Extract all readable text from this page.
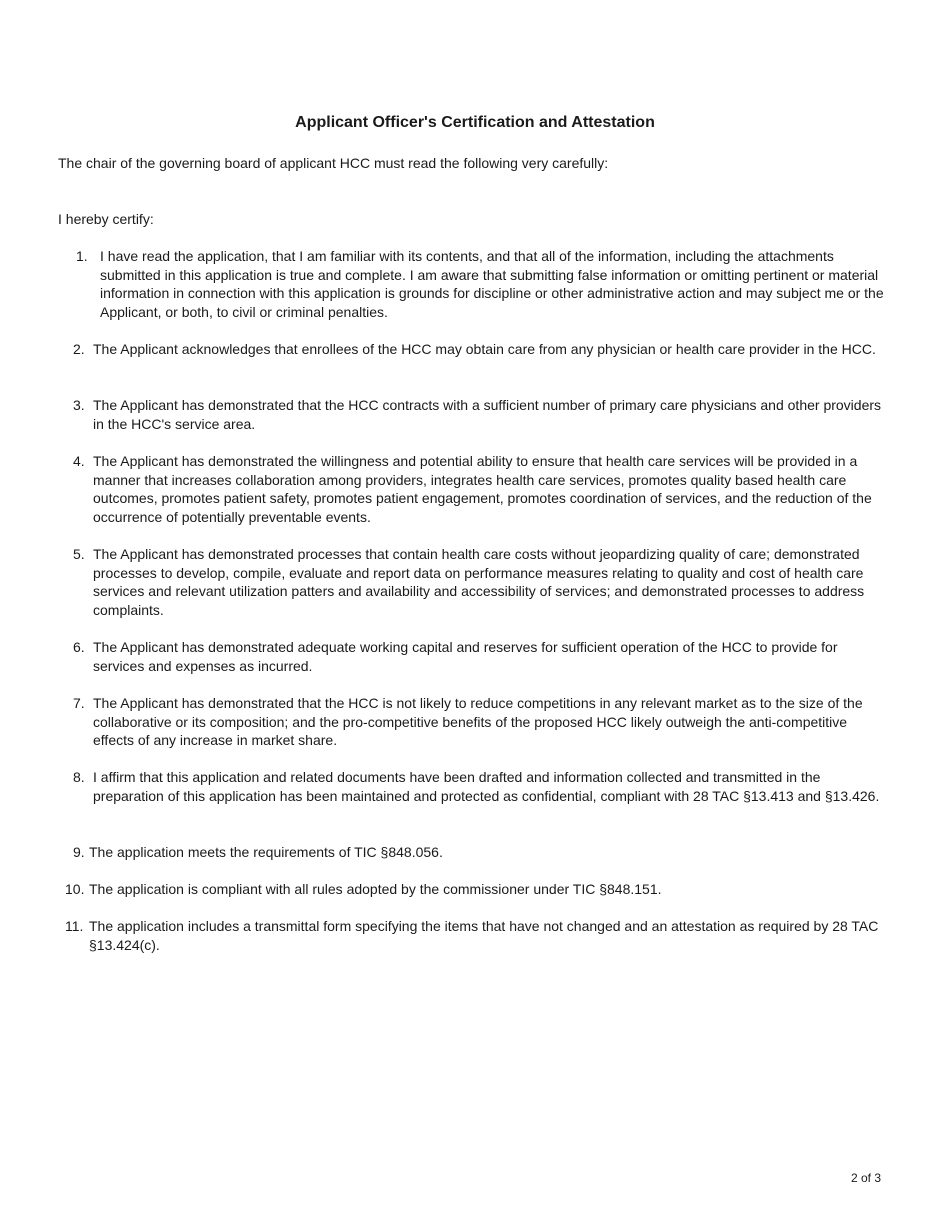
Applicant Officer's Certification and Attestation
The chair of the governing board of applicant HCC must read the following very carefully:
I hereby certify:
1. I have read the application, that I am familiar with its contents, and that all of the information, including the attachments submitted in this application is true and complete. I am aware that submitting false information or omitting pertinent or material information in connection with this application is grounds for discipline or other administrative action and may subject me or the Applicant, or both, to civil or criminal penalties.
2. The Applicant acknowledges that enrollees of the HCC may obtain care from any physician or health care provider in the HCC.
3. The Applicant has demonstrated that the HCC contracts with a sufficient number of primary care physicians and other providers in the HCC's service area.
4. The Applicant has demonstrated the willingness and potential ability to ensure that health care services will be provided in a manner that increases collaboration among providers, integrates health care services, promotes quality based health care outcomes, promotes patient safety, promotes patient engagement, promotes coordination of services, and the reduction of the occurrence of potentially preventable events.
5. The Applicant has demonstrated processes that contain health care costs without jeopardizing quality of care; demonstrated processes to develop, compile, evaluate and report data on performance measures relating to quality and cost of health care services and relevant utilization patters and availability and accessibility of services; and demonstrated processes to address complaints.
6. The Applicant has demonstrated adequate working capital and reserves for sufficient operation of the HCC to provide for services and expenses as incurred.
7. The Applicant has demonstrated that the HCC is not likely to reduce competitions in any relevant market as to the size of the collaborative or its composition; and the pro-competitive benefits of the proposed HCC likely outweigh the anti-competitive effects of any increase in market share.
8. I affirm that this application and related documents have been drafted and information collected and transmitted in the preparation of this application has been maintained and protected as confidential, compliant with 28 TAC §13.413 and §13.426.
9. The application meets the requirements of TIC §848.056.
10. The application is compliant with all rules adopted by the commissioner under TIC §848.151.
11. The application includes a transmittal form specifying the items that have not changed and an attestation as required by 28 TAC §13.424(c).
2 of 3
